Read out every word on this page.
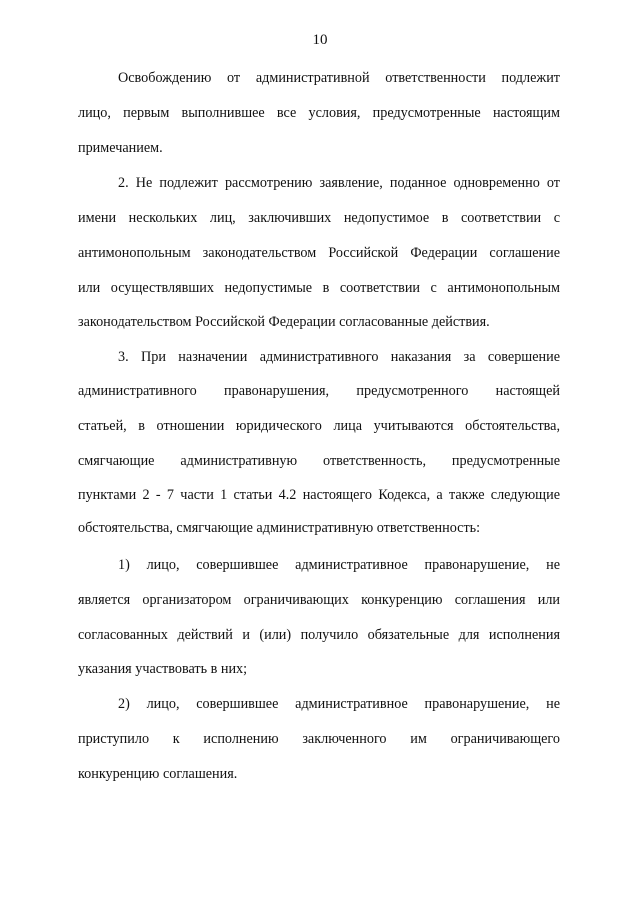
10
Освобождению от административной ответственности подлежит
лицо, первым выполнившее все условия, предусмотренные настоящим
примечанием.
2. Не подлежит рассмотрению заявление, поданное одновременно от
имени нескольких лиц, заключивших недопустимое в соответствии с
антимонопольным законодательством Российской Федерации соглашение
или осуществлявших недопустимые в соответствии с антимонопольным
законодательством Российской Федерации согласованные действия.
3. При назначении административного наказания за совершение
административного правонарушения, предусмотренного настоящей
статьей, в отношении юридического лица учитываются обстоятельства,
смягчающие административную ответственность, предусмотренные
пунктами 2 - 7 части 1 статьи 4.2 настоящего Кодекса, а также следующие
обстоятельства, смягчающие административную ответственность:
1) лицо, совершившее административное правонарушение, не
является организатором ограничивающих конкуренцию соглашения или
согласованных действий и (или) получило обязательные для исполнения
указания участвовать в них;
2) лицо, совершившее административное правонарушение, не
приступило к исполнению заключенного им ограничивающего
конкуренцию соглашения.
